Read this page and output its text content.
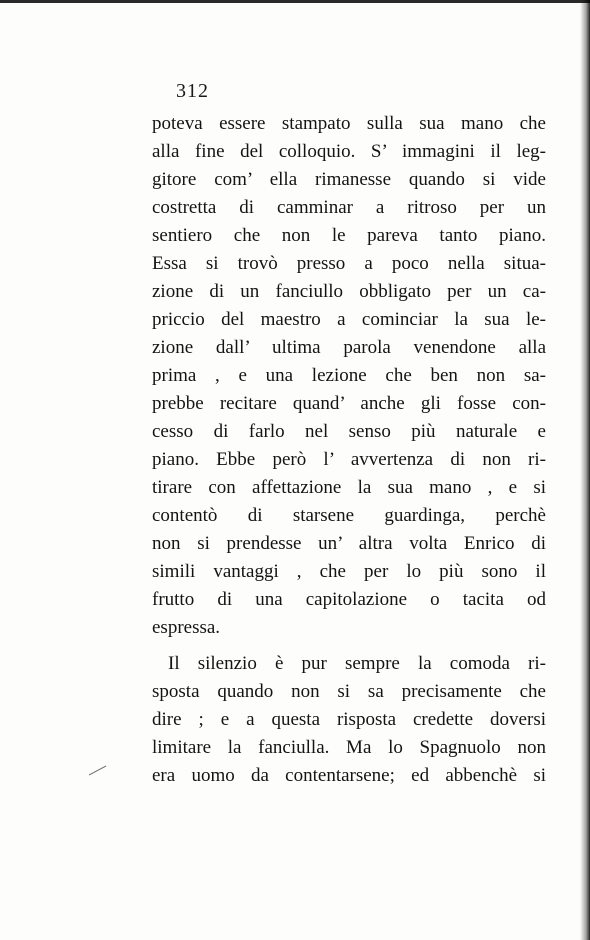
312
poteva essere stampato sulla sua mano che
alla fine del colloquio. S’ immagini il leg-
gitore com’ ella rimanesse quando si vide
costretta di camminar a ritroso per un
sentiero che non le pareva tanto piano.
Essa si trovò presso a poco nella situa-
zione di un fanciullo obbligato per un ca-
priccio del maestro a cominciar la sua le-
zione dall’ ultima parola venendone alla
prima , e una lezione che ben non sa-
prebbe recitare quand’ anche gli fosse con-
cesso di farlo nel senso più naturale e
piano. Ebbe però l’ avvertenza di non ri-
tirare con affettazione la sua mano , e si
contentò di starsene guardinga, perchè
non si prendesse un’ altra volta Enrico di
simili vantaggi , che per lo più sono il
frutto di una capitolazione o tacita od
espressa.
Il silenzio è pur sempre la comoda ri-
sposta quando non si sa precisamente che
dire ; e a questa risposta credette doversi
limitare la fanciulla. Ma lo Spagnuolo non
era uomo da contentarsene; ed abbenchè si
